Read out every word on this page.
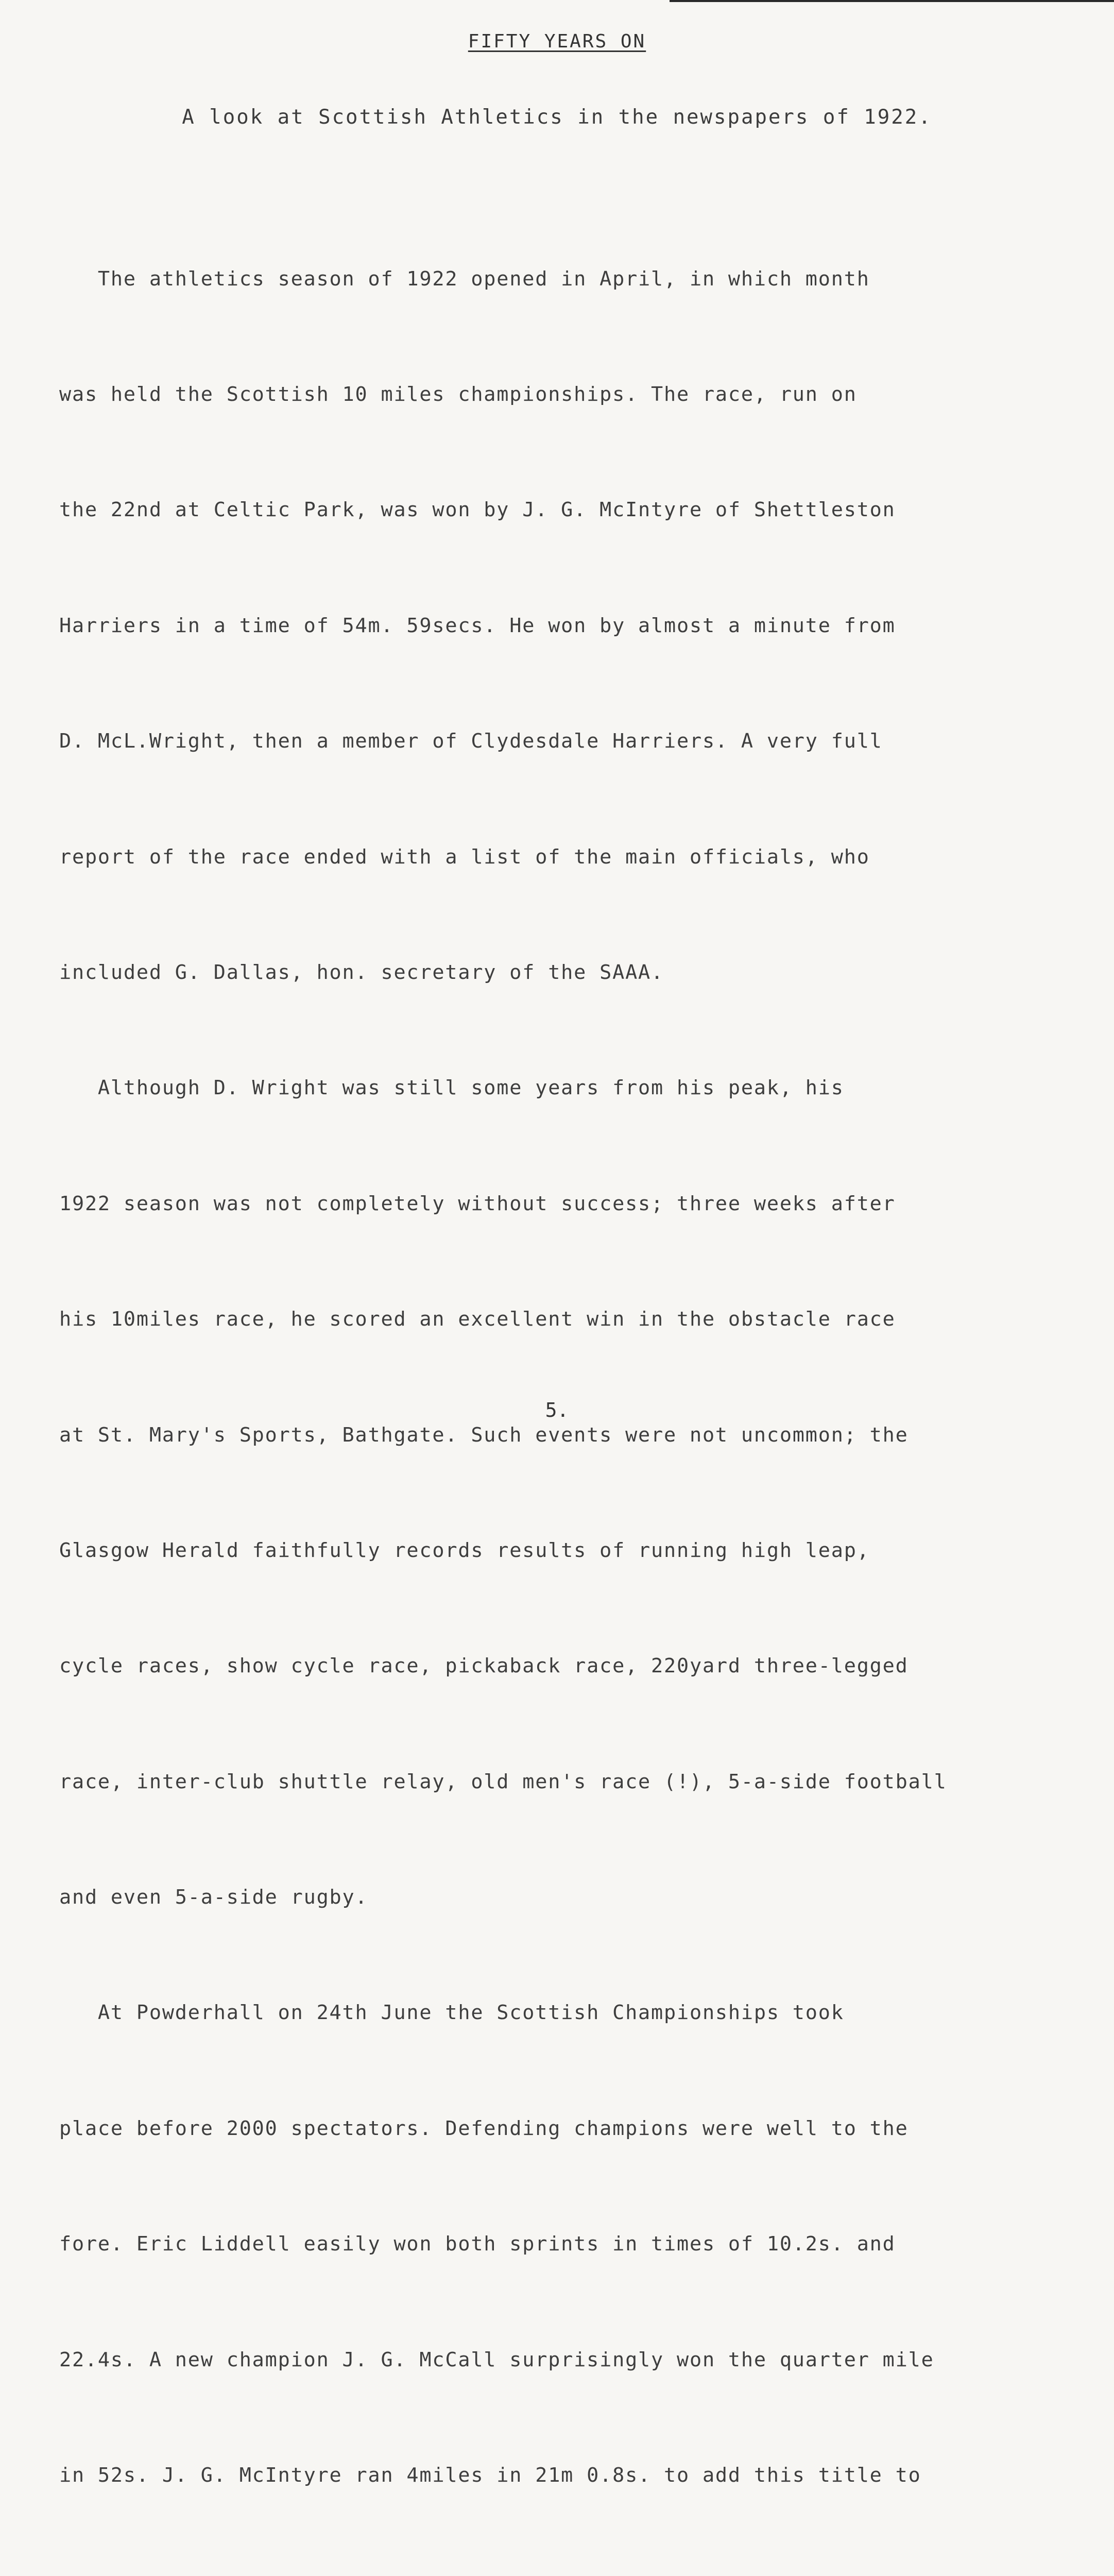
FIFTY YEARS ON
A look at Scottish Athletics in the newspapers of 1922.

The athletics season of 1922 opened in April, in which month

was held the Scottish 10 miles championships. The race, run on

the 22nd at Celtic Park, was won by J. G. McIntyre of Shettleston

Harriers in a time of 54m. 59secs. He won by almost a minute from

D. McL.Wright, then a member of Clydesdale Harriers. A very full

report of the race ended with a list of the main officials, who

included G. Dallas, hon. secretary of the SAAA.

Although D. Wright was still some years from his peak, his

1922 season was not completely without success; three weeks after

his 10miles race, he scored an excellent win in the obstacle race

at St. Mary's Sports, Bathgate. Such events were not uncommon; the

Glasgow Herald faithfully records results of running high leap,

cycle races, show cycle race, pickaback race, 220yard three-legged

race, inter-club shuttle relay, old men's race (!), 5-a-side football

and even 5-a-side rugby.

At Powderhall on 24th June the Scottish Championships took

place before 2000 spectators. Defending champions were well to the

fore. Eric Liddell easily won both sprints in times of 10.2s. and

22.4s. A new champion J. G. McCall surprisingly won the quarter mile

in 52s. J. G. McIntyre ran 4miles in 21m 0.8s. to add this title to

5.
